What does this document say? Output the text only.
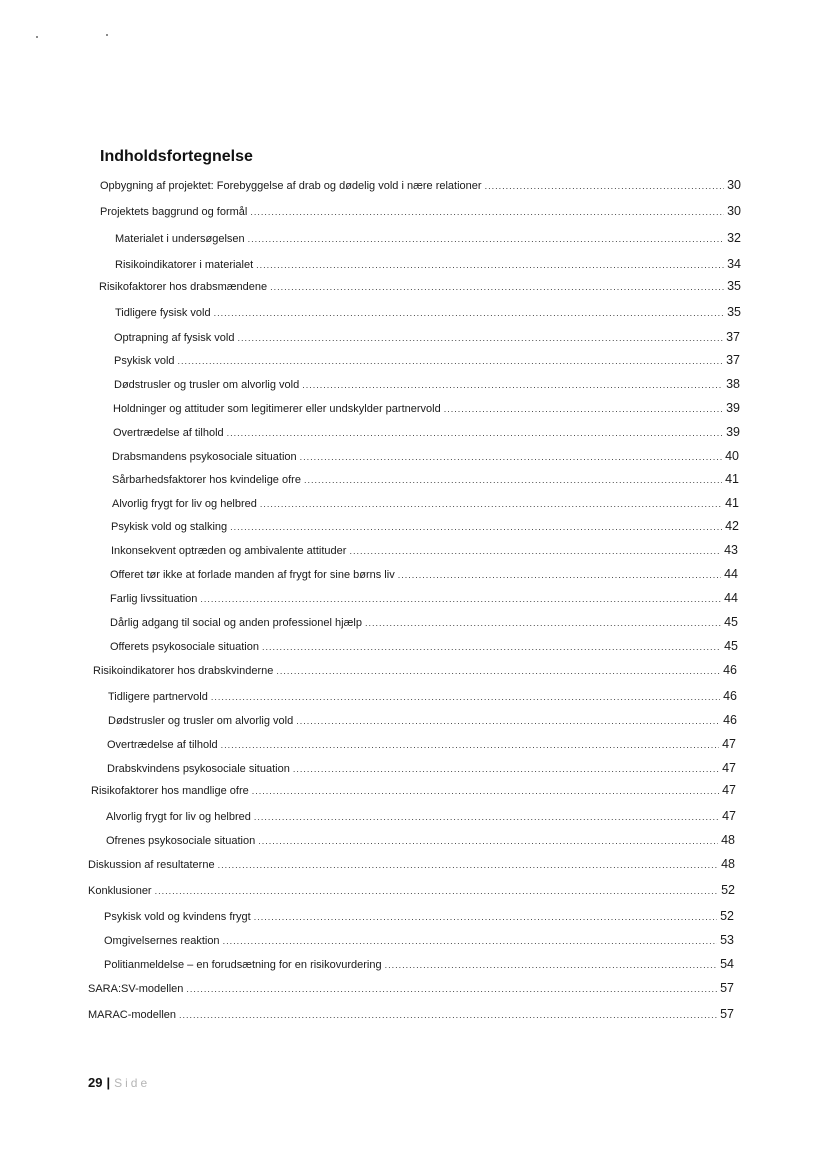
Indholdsfortegnelse
Opbygning af projektet: Forebyggelse af drab og dødelig vold i nære relationer .....	30
Projektets baggrund og formål .....	30
Materialet i undersøgelsen .....	32
Risikoindikatorer i materialet .....	34
Risikofaktorer hos drabsmændene .....	35
Tidligere fysisk vold .....	35
Optrapning af fysisk vold .....	37
Psykisk vold .....	37
Dødstrusler og trusler om alvorlig vold .....	38
Holdninger og attituder som legitimerer eller undskylder partnervold .....	39
Overtrædelse af tilhold .....	39
Drabsmandens psykosociale situation .....	40
Sårbarhedsfaktorer hos kvindelige ofre .....	41
Alvorlig frygt for liv og helbred .....	41
Psykisk vold og stalking .....	42
Inkonsekvent optræden og ambivalente attituder .....	43
Offeret tør ikke at forlade manden af frygt for sine børns liv .....	44
Farlig livssituation .....	44
Dårlig adgang til social og anden professionel hjælp .....	45
Offerets psykosociale situation .....	45
Risikoindikatorer hos drabskvinderne .....	46
Tidligere partnervold .....	46
Dødstrusler og trusler om alvorlig vold .....	46
Overtrædelse af tilhold .....	47
Drabskvindens psykosociale situation .....	47
Risikofaktorer hos mandlige ofre .....	47
Alvorlig frygt for liv og helbred .....	47
Ofrenes psykosociale situation .....	48
Diskussion af resultaterne .....	48
Konklusioner .....	52
Psykisk vold og kvindens frygt .....	52
Omgivelsernes reaktion .....	53
Politianmeldelse – en forudsætning for en risikovurdering .....	54
SARA:SV-modellen .....	57
MARAC-modellen .....	57
29 | Side
